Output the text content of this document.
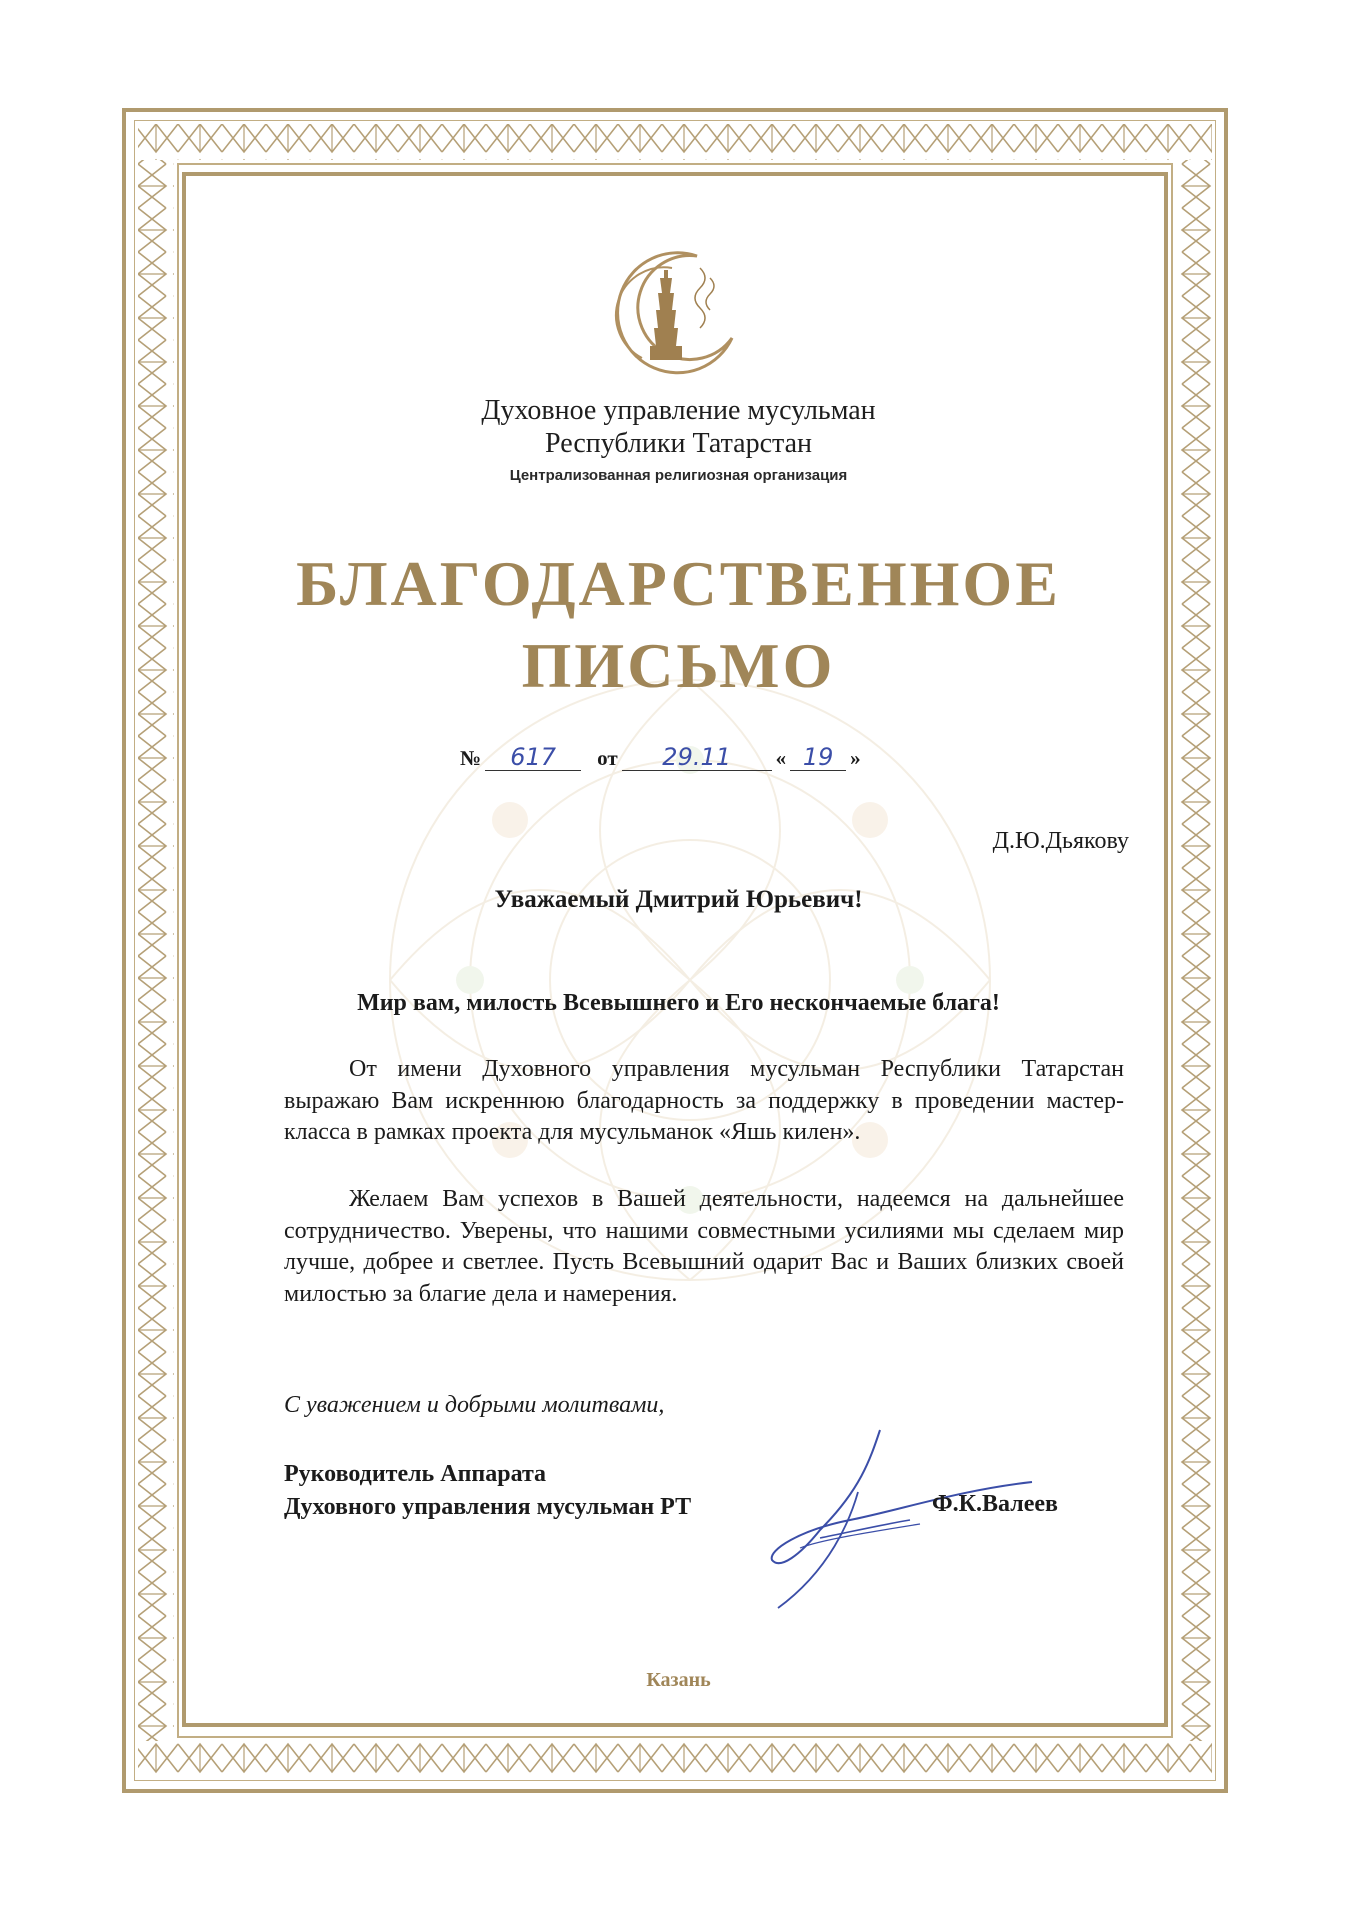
Духовное управление мусульман
Республики Татарстан
Централизованная религиозная организация
БЛАГОДАРСТВЕННОЕ
ПИСЬМО
№	617	от	29.11	« 19 »
Д.Ю.Дьякову
Уважаемый Дмитрий Юрьевич!
Мир вам, милость Всевышнего и Его нескончаемые блага!

От имени Духовного управления мусульман Республики Татарстан выражаю Вам искреннюю благодарность за поддержку в проведении мастер-класса в рамках проекта для мусульманок «Яшь килен».

Желаем Вам успехов в Вашей деятельности, надеемся на дальнейшее сотрудничество. Уверены, что нашими совместными усилиями мы сделаем мир лучше, добрее и светлее. Пусть Всевышний одарит Вас и Ваших близких своей милостью за благие дела и намерения.

С уважением и добрыми молитвами,
Руководитель Аппарата
Духовного управления мусульман РТ	Ф.К.Валеев
Казань
